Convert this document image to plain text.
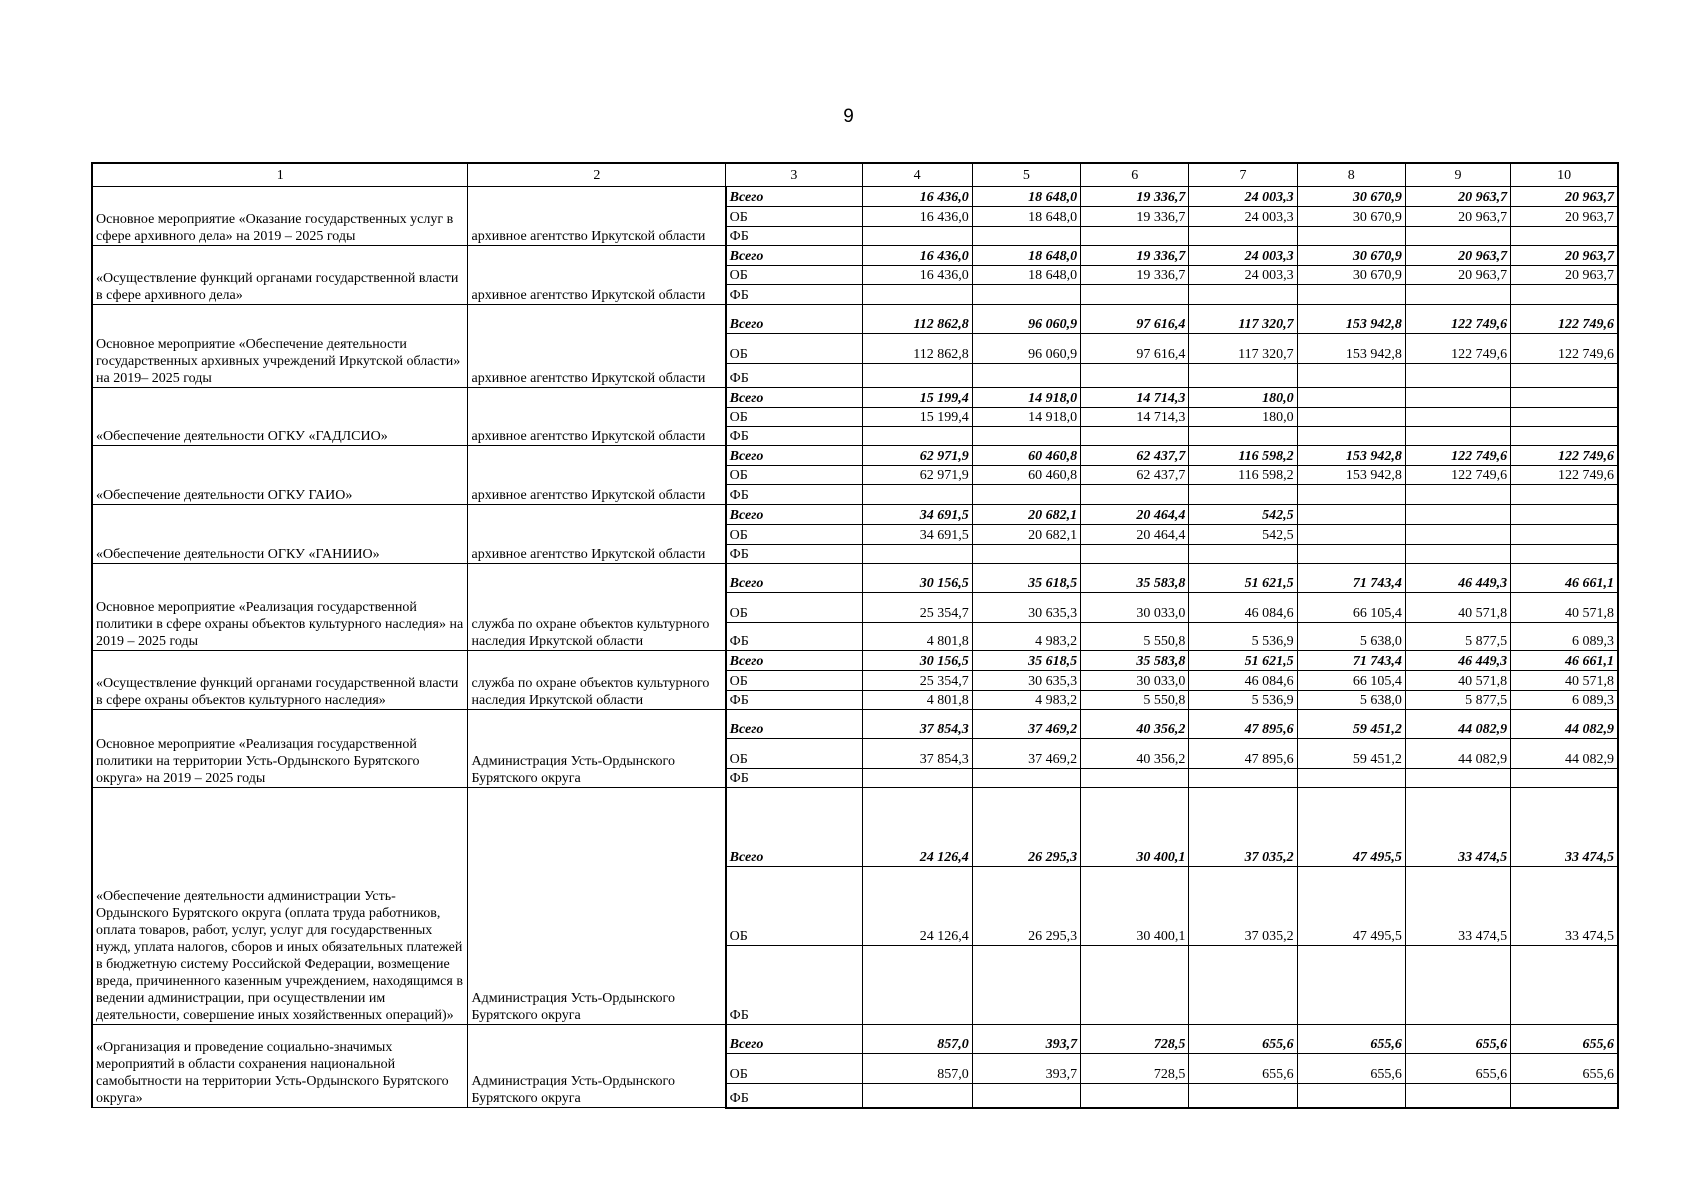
9
1	2	3	4	5	6	7	8	9	10
Основное мероприятие «Оказание государственных услуг в сфере архивного дела» на 2019 – 2025 годы	архивное агентство Иркутской области	Всего	16 436,0	18 648,0	19 336,7	24 003,3	30 670,9	20 963,7	20 963,7
		ОБ	16 436,0	18 648,0	19 336,7	24 003,3	30 670,9	20 963,7	20 963,7
		ФБ							
«Осуществление функций органами государственной власти в сфере архивного дела»	архивное агентство Иркутской области	Всего	16 436,0	18 648,0	19 336,7	24 003,3	30 670,9	20 963,7	20 963,7
		ОБ	16 436,0	18 648,0	19 336,7	24 003,3	30 670,9	20 963,7	20 963,7
		ФБ							
Основное мероприятие «Обеспечение деятельности государственных архивных учреждений Иркутской области» на 2019– 2025 годы	архивное агентство Иркутской области	Всего	112 862,8	96 060,9	97 616,4	117 320,7	153 942,8	122 749,6	122 749,6
		ОБ	112 862,8	96 060,9	97 616,4	117 320,7	153 942,8	122 749,6	122 749,6
		ФБ							
«Обеспечение деятельности ОГКУ «ГАДЛСИО»	архивное агентство Иркутской области	Всего	15 199,4	14 918,0	14 714,3	180,0			
		ОБ	15 199,4	14 918,0	14 714,3	180,0			
		ФБ							
«Обеспечение деятельности ОГКУ ГАИО»	архивное агентство Иркутской области	Всего	62 971,9	60 460,8	62 437,7	116 598,2	153 942,8	122 749,6	122 749,6
		ОБ	62 971,9	60 460,8	62 437,7	116 598,2	153 942,8	122 749,6	122 749,6
		ФБ							
«Обеспечение деятельности ОГКУ «ГАНИИО»	архивное агентство Иркутской области	Всего	34 691,5	20 682,1	20 464,4	542,5			
		ОБ	34 691,5	20 682,1	20 464,4	542,5			
		ФБ							
Основное мероприятие «Реализация государственной политики в сфере охраны объектов культурного наследия» на 2019 – 2025 годы	служба по охране объектов культурного наследия Иркутской области	Всего	30 156,5	35 618,5	35 583,8	51 621,5	71 743,4	46 449,3	46 661,1
		ОБ	25 354,7	30 635,3	30 033,0	46 084,6	66 105,4	40 571,8	40 571,8
		ФБ	4 801,8	4 983,2	5 550,8	5 536,9	5 638,0	5 877,5	6 089,3
«Осуществление функций органами государственной власти в сфере охраны объектов культурного наследия»	служба по охране объектов культурного наследия Иркутской области	Всего	30 156,5	35 618,5	35 583,8	51 621,5	71 743,4	46 449,3	46 661,1
		ОБ	25 354,7	30 635,3	30 033,0	46 084,6	66 105,4	40 571,8	40 571,8
		ФБ	4 801,8	4 983,2	5 550,8	5 536,9	5 638,0	5 877,5	6 089,3
Основное мероприятие «Реализация государственной политики на территории Усть-Ордынского Бурятского округа» на 2019 – 2025 годы	Администрация Усть-Ордынского Бурятского округа	Всего	37 854,3	37 469,2	40 356,2	47 895,6	59 451,2	44 082,9	44 082,9
		ОБ	37 854,3	37 469,2	40 356,2	47 895,6	59 451,2	44 082,9	44 082,9
		ФБ							
«Обеспечение деятельности администрации Усть-Ордынского Бурятского округа (оплата труда работников, оплата товаров, работ, услуг, услуг для государственных нужд, уплата налогов, сборов и иных обязательных платежей в бюджетную систему Российской Федерации, возмещение вреда, причиненного казенным учреждением, находящимся в ведении администрации, при осуществлении им деятельности, совершение иных хозяйственных операций)»	Администрация Усть-Ордынского Бурятского округа	Всего	24 126,4	26 295,3	30 400,1	37 035,2	47 495,5	33 474,5	33 474,5
		ОБ	24 126,4	26 295,3	30 400,1	37 035,2	47 495,5	33 474,5	33 474,5
		ФБ							
«Организация и проведение социально-значимых мероприятий в области сохранения национальной самобытности на территории Усть-Ордынского Бурятского округа»	Администрация Усть-Ордынского Бурятского округа	Всего	857,0	393,7	728,5	655,6	655,6	655,6	655,6
		ОБ	857,0	393,7	728,5	655,6	655,6	655,6	655,6
		ФБ							
